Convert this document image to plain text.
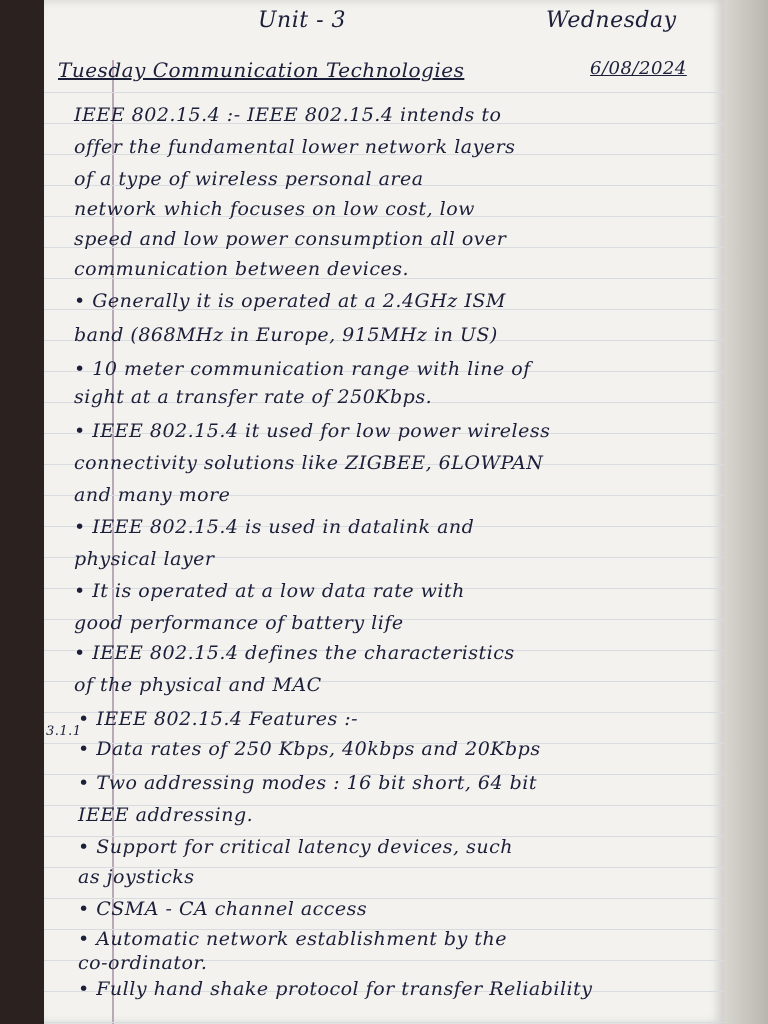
Unit - 3	Wednesday
Tuesday Communication Technologies	6/08/2024
3.1.1
IEEE 802.15.4 :- IEEE 802.15.4 intends to
offer the fundamental lower network layers
of a type of wireless personal area
network which focuses on low cost, low
speed and low power consumption all over
communication between devices.
• Generally it is operated at a 2.4GHz ISM
band (868MHz in Europe, 915MHz in US)
• 10 meter communication range with line of
sight at a transfer rate of 250Kbps.
• IEEE 802.15.4 it used for low power wireless
connectivity solutions like ZIGBEE, 6LOWPAN
and many more
• IEEE 802.15.4 is used in datalink and
physical layer
• It is operated at a low data rate with
good performance of battery life
• IEEE 802.15.4 defines the characteristics
of the physical and MAC
• IEEE 802.15.4 Features :-
• Data rates of 250 Kbps, 40kbps and 20Kbps
• Two addressing modes : 16 bit short, 64 bit
IEEE addressing.
• Support for critical latency devices, such
as joysticks
• CSMA - CA channel access
• Automatic network establishment by the
co-ordinator.
• Fully hand shake protocol for transfer Reliability
